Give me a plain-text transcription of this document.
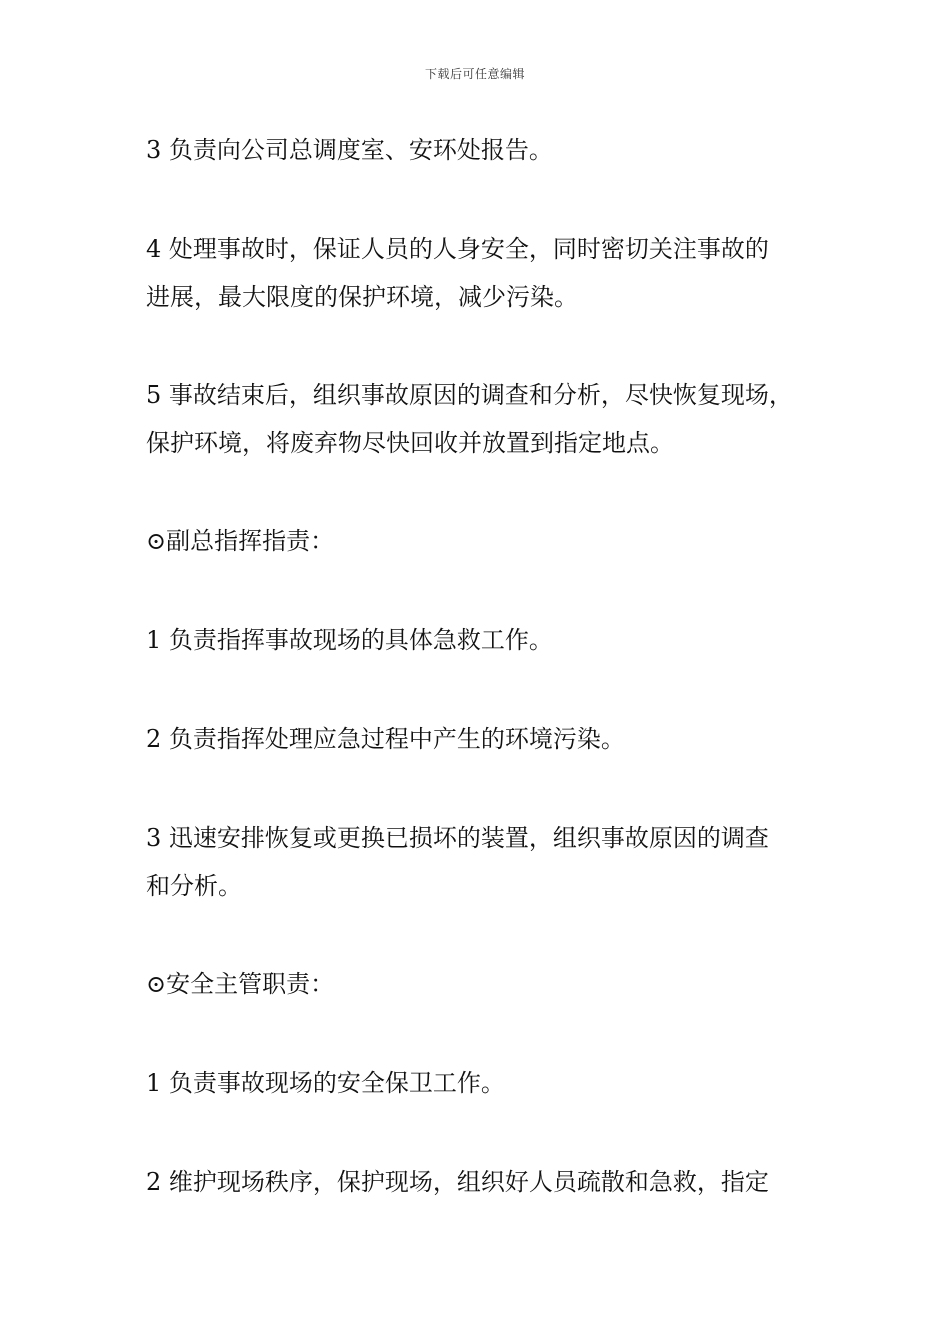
下载后可任意编辑
3 负责向公司总调度室、安环处报告。
4 处理事故时，保证人员的人身安全，同时密切关注事故的
进展，最大限度的保护环境，减少污染。
5 事故结束后，组织事故原因的调查和分析，尽快恢复现场，
保护环境，将废弃物尽快回收并放置到指定地点。
⊙副总指挥指责：
1 负责指挥事故现场的具体急救工作。
2 负责指挥处理应急过程中产生的环境污染。
3 迅速安排恢复或更换已损坏的装置，组织事故原因的调查
和分析。
⊙安全主管职责：
1 负责事故现场的安全保卫工作。
2 维护现场秩序，保护现场，组织好人员疏散和急救，指定
